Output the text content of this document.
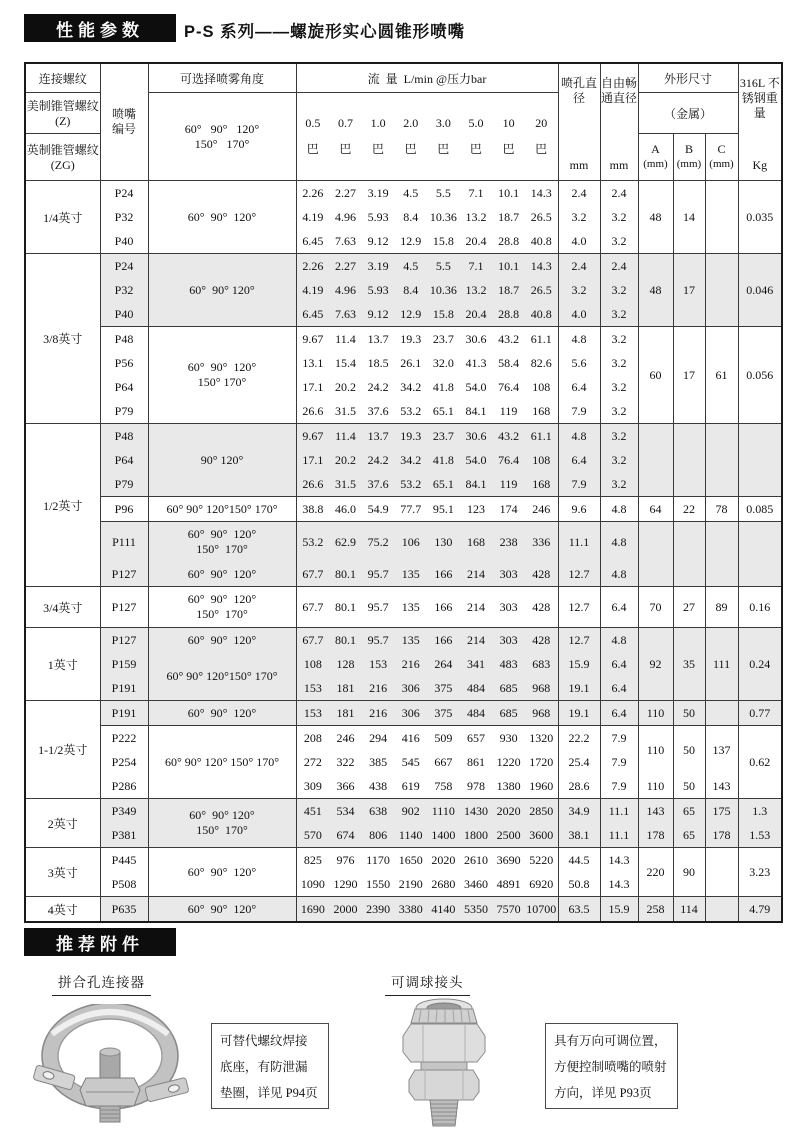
性能参数	P-S 系列——螺旋形实心圆锥形喷嘴
连接螺纹	
喷嘴编号
	可选择喷雾角度	流  量  L/min @压力bar	喷孔直径
mm

自由畅通直径
mm
	外形尺寸	316L 不锈钢重量
Kg

美制锥管螺纹 (Z)	
60°   90°   120°
150°   170°

0.5 0.7 1.0 2.0 3.0 5.0 10 20
巴 巴 巴 巴 巴 巴 巴 巴
	（金属）
英制锥管螺纹 (ZG)	
A
(mm)

B
(mm)

C
(mm)

1/4英寸	P24	60°  90°  120°	2.26 2.27 3.19 4.5 5.5 7.1 10.1 14.3	2.4	2.4	48	14		0.035
	P32		4.19 4.96 5.93 8.4 10.36 13.2 18.7 26.5	3.2	3.2				
	P40		6.45 7.63 9.12 12.9 15.8 20.4 28.8 40.8	4.0	3.2				
3/8英寸	P24	60°  90° 120°	2.26 2.27 3.19 4.5 5.5 7.1 10.1 14.3	2.4	2.4	48	17		0.046
	P32		4.19 4.96 5.93 8.4 10.36 13.2 18.7 26.5	3.2	3.2				
	P40		6.45 7.63 9.12 12.9 15.8 20.4 28.8 40.8	4.0	3.2				
	P48	60°  90°  120°
150° 170°	9.67 11.4 13.7 19.3 23.7 30.6 43.2 61.1	4.8	3.2	60	17	61	0.056
	P56		13.1 15.4 18.5 26.1 32.0 41.3 58.4 82.6	5.6	3.2				
	P64		17.1 20.2 24.2 34.2 41.8 54.0 76.4 108	6.4	3.2				
	P79		26.6 31.5 37.6 53.2 65.1 84.1 119 168	7.9	3.2				
1/2英寸	P48	90° 120°	9.67 11.4 13.7 19.3 23.7 30.6 43.2 61.1	4.8	3.2				
	P64		17.1 20.2 24.2 34.2 41.8 54.0 76.4 108	6.4	3.2				
	P79		26.6 31.5 37.6 53.2 65.1 84.1 119 168	7.9	3.2				
	P96	60° 90° 120°150° 170°	38.8 46.0 54.9 77.7 95.1 123 174 246	9.6	4.8	64	22	78	0.085
	P111	60°  90°  120°
150°  170°	53.2 62.9 75.2 106 130 168 238 336	11.1	4.8				
	P127	60°  90°  120°	67.7 80.1 95.7 135 166 214 303 428	12.7	4.8				
3/4英寸	P127	60°  90°  120°
150°  170°	67.7 80.1 95.7 135 166 214 303 428	12.7	6.4	70	27	89	0.16
1英寸	P127	60°  90°  120°	67.7 80.1 95.7 135 166 214 303 428	12.7	4.8	92	35	111	0.24
	P159	60° 90° 120°150° 170°	108 128 153 216 264 341 483 683	15.9	6.4				
	P191		153 181 216 306 375 484 685 968	19.1	6.4				
1-1/2英寸	P191	60°  90°  120°	153 181 216 306 375 484 685 968	19.1	6.4	110	50		0.77
	P222	60° 90° 120° 150° 170°	208 246 294 416 509 657 930 1320	22.2	7.9	110	50	137	0.62
	P254		272 322 385 545 667 861 1220 1720	25.4	7.9				
	P286		309 366 438 619 758 978 1380 1960	28.6	7.9	110	50	143	
2英寸	P349	60°  90° 120°
150°  170°	451 534 638 902 1110 1430 2020 2850	34.9	11.1	143	65	175	1.3
	P381		570 674 806 1140 1400 1800 2500 3600	38.1	11.1	178	65	178	1.53
3英寸	P445	60°  90°  120°	825 976 1170 1650 2020 2610 3690 5220	44.5	14.3	220	90		3.23
	P508		1090 1290 1550 2190 2680 3460 4891 6920	50.8	14.3				
4英寸	P635	60°  90°  120°	1690 2000 2390 3380 4140 5350 7570 10700	63.5	15.9	258	114		4.79
推荐附件
拼合孔连接器	可调球接头
可替代螺纹焊接
底座，有防泄漏
垫圈，详见 P94页
具有万向可调位置，
方便控制喷嘴的喷射
方向，详见 P93页
